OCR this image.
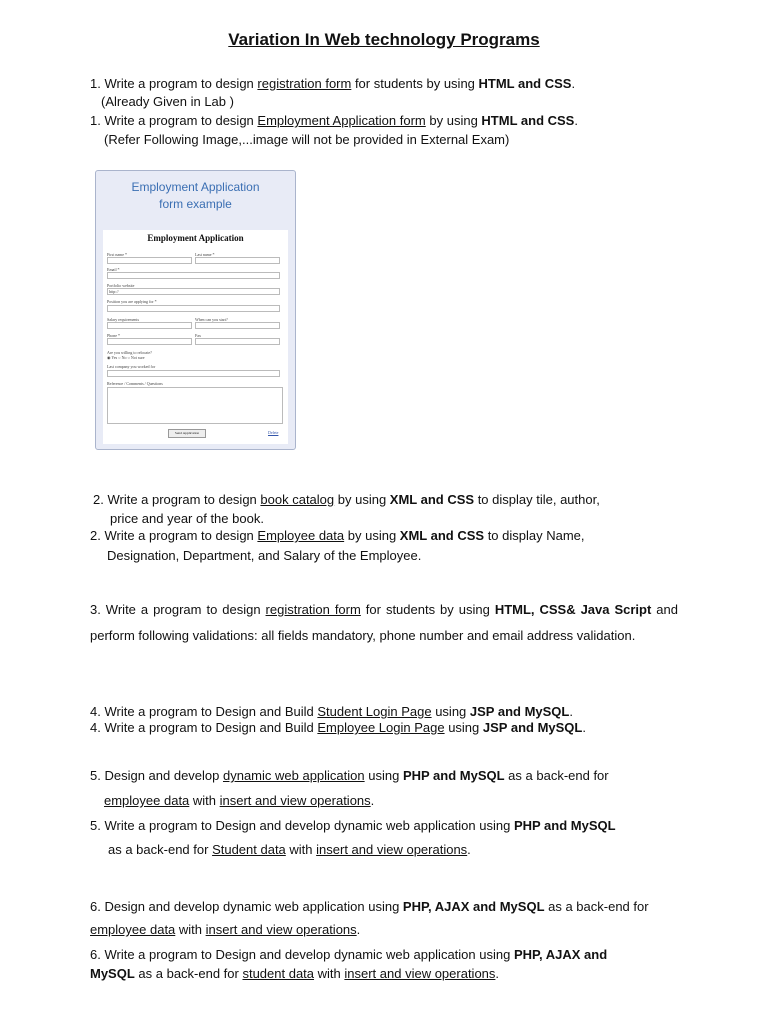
Variation In Web technology Programs
1. Write a program to design registration form for students by using HTML and CSS.
(Already Given in Lab )
1. Write a program to design Employment Application form by using HTML and CSS.
(Refer Following Image,...image will not be provided in External Exam)
Employment Application
form example
Employment Application
First name *	Last name *
Email *
Portfolio website
http://
Position you are applying for *
Salary requirements	When can you start?
Phone *	Fax
Are you willing to relocate?
◉ Yes ○ No ○ Not sure
Last company you worked for
Reference / Comments / Questions
Send Application	Delete
2. Write a program to design book catalog by using XML and CSS to display tile, author,
price and year of the book.
2. Write a program to design Employee data by using XML and CSS to display Name,
Designation, Department, and Salary of the Employee.
3. Write a program to design registration form for students by using HTML, CSS& Java Script and perform following validations: all fields mandatory, phone number and email address validation.
4. Write a program to Design and Build Student Login Page using JSP and MySQL.
4. Write a program to Design and Build Employee Login Page using JSP and MySQL.
5. Design and develop dynamic web application using PHP and MySQL as a back-end for
employee data with insert and view operations.
5. Write a program to Design and develop dynamic web application using PHP and MySQL
as a back-end for Student data with insert and view operations.
6. Design and develop dynamic web application using PHP, AJAX and MySQL as a back-end for
employee data with insert and view operations.
6. Write a program to Design and develop dynamic web application using PHP, AJAX and
MySQL as a back-end for student data with insert and view operations.
